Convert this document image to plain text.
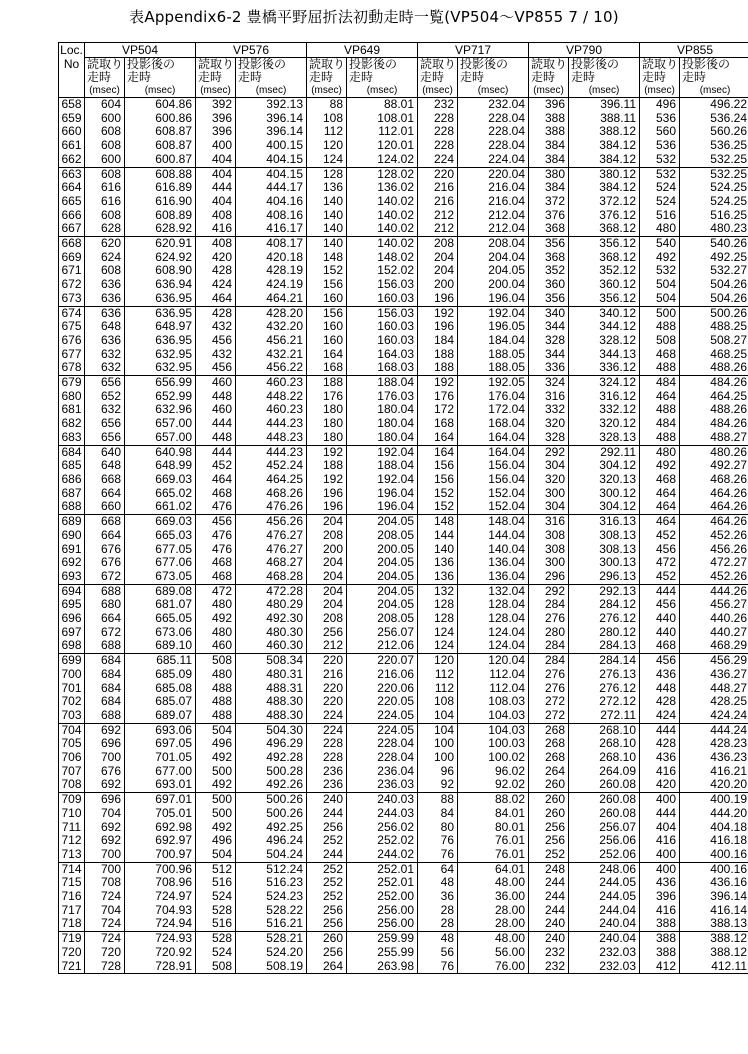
表Appendix6-2 豊橋平野屈折法初動走時一覧(VP504～VP855 7 / 10)
Loc.	VP504		VP576		VP649		VP717		VP790		VP855	
No	読取り	投影後の	読取り	投影後の	読取り	投影後の	読取り	投影後の	読取り	投影後の	読取り	投影後の
	走時	走時	走時	走時	走時	走時	走時	走時	走時	走時	走時	走時
	(msec)	(msec)	(msec)	(msec)	(msec)	(msec)	(msec)	(msec)	(msec)	(msec)	(msec)	(msec)
658	604	604.86	392	392.13	88	88.01	232	232.04	396	396.11	496	496.22
659	600	600.86	396	396.14	108	108.01	228	228.04	388	388.11	536	536.24
660	608	608.87	396	396.14	112	112.01	228	228.04	388	388.12	560	560.26
661	608	608.87	400	400.15	120	120.01	228	228.04	384	384.12	536	536.25
662	600	600.87	404	404.15	124	124.02	224	224.04	384	384.12	532	532.25
663	608	608.88	404	404.15	128	128.02	220	220.04	380	380.12	532	532.25
664	616	616.89	444	444.17	136	136.02	216	216.04	384	384.12	524	524.25
665	616	616.90	404	404.16	140	140.02	216	216.04	372	372.12	524	524.25
666	608	608.89	408	408.16	140	140.02	212	212.04	376	376.12	516	516.25
667	628	628.92	416	416.17	140	140.02	212	212.04	368	368.12	480	480.23
668	620	620.91	408	408.17	140	140.02	208	208.04	356	356.12	540	540.26
669	624	624.92	420	420.18	148	148.02	204	204.04	368	368.12	492	492.25
671	608	608.90	428	428.19	152	152.02	204	204.05	352	352.12	532	532.27
672	636	636.94	424	424.19	156	156.03	200	200.04	360	360.12	504	504.26
673	636	636.95	464	464.21	160	160.03	196	196.04	356	356.12	504	504.26
674	636	636.95	428	428.20	156	156.03	192	192.04	340	340.12	500	500.26
675	648	648.97	432	432.20	160	160.03	196	196.05	344	344.12	488	488.25
676	636	636.95	456	456.21	160	160.03	184	184.04	328	328.12	508	508.27
677	632	632.95	432	432.21	164	164.03	188	188.05	344	344.13	468	468.25
678	632	632.95	456	456.22	168	168.03	188	188.05	336	336.12	488	488.26
679	656	656.99	460	460.23	188	188.04	192	192.05	324	324.12	484	484.26
680	652	652.99	448	448.22	176	176.03	176	176.04	316	316.12	464	464.25
681	632	632.96	460	460.23	180	180.04	172	172.04	332	332.12	488	488.26
682	656	657.00	444	444.23	180	180.04	168	168.04	320	320.12	484	484.26
683	656	657.00	448	448.23	180	180.04	164	164.04	328	328.13	488	488.27
684	640	640.98	444	444.23	192	192.04	164	164.04	292	292.11	480	480.26
685	648	648.99	452	452.24	188	188.04	156	156.04	304	304.12	492	492.27
686	668	669.03	464	464.25	192	192.04	156	156.04	320	320.13	468	468.26
687	664	665.02	468	468.26	196	196.04	152	152.04	300	300.12	464	464.26
688	660	661.02	476	476.26	196	196.04	152	152.04	304	304.12	464	464.26
689	668	669.03	456	456.26	204	204.05	148	148.04	316	316.13	464	464.26
690	664	665.03	476	476.27	208	208.05	144	144.04	308	308.13	452	452.26
691	676	677.05	476	476.27	200	200.05	140	140.04	308	308.13	456	456.26
692	676	677.06	468	468.27	204	204.05	136	136.04	300	300.13	472	472.27
693	672	673.05	468	468.28	204	204.05	136	136.04	296	296.13	452	452.26
694	688	689.08	472	472.28	204	204.05	132	132.04	292	292.13	444	444.26
695	680	681.07	480	480.29	204	204.05	128	128.04	284	284.12	456	456.27
696	664	665.05	492	492.30	208	208.05	128	128.04	276	276.12	440	440.26
697	672	673.06	480	480.30	256	256.07	124	124.04	280	280.12	440	440.27
698	688	689.10	460	460.30	212	212.06	124	124.04	284	284.13	468	468.29
699	684	685.11	508	508.34	220	220.07	120	120.04	284	284.14	456	456.29
700	684	685.09	480	480.31	216	216.06	112	112.04	276	276.13	436	436.27
701	684	685.08	488	488.31	220	220.06	112	112.04	276	276.12	448	448.27
702	684	685.07	488	488.30	220	220.05	108	108.03	272	272.12	428	428.25
703	688	689.07	488	488.30	224	224.05	104	104.03	272	272.11	424	424.24
704	692	693.06	504	504.30	224	224.05	104	104.03	268	268.10	444	444.24
705	696	697.05	496	496.29	228	228.04	100	100.03	268	268.10	428	428.23
706	700	701.05	492	492.28	228	228.04	100	100.02	268	268.10	436	436.23
707	676	677.00	500	500.28	236	236.04	96	96.02	264	264.09	416	416.21
708	692	693.01	492	492.26	236	236.03	92	92.02	260	260.08	420	420.20
709	696	697.01	500	500.26	240	240.03	88	88.02	260	260.08	400	400.19
710	704	705.01	500	500.26	244	244.03	84	84.01	260	260.08	444	444.20
711	692	692.98	492	492.25	256	256.02	80	80.01	256	256.07	404	404.18
712	692	692.97	496	496.24	252	252.02	76	76.01	256	256.06	416	416.18
713	700	700.97	504	504.24	244	244.02	76	76.01	252	252.06	400	400.16
714	700	700.96	512	512.24	252	252.01	64	64.01	248	248.06	400	400.16
715	708	708.96	516	516.23	252	252.01	48	48.00	244	244.05	436	436.16
716	724	724.97	524	524.23	252	252.00	36	36.00	244	244.05	396	396.14
717	704	704.93	528	528.22	256	256.00	28	28.00	244	244.04	416	416.14
718	724	724.94	516	516.21	256	256.00	28	28.00	240	240.04	388	388.13
719	724	724.93	528	528.21	260	259.99	48	48.00	240	240.04	388	388.12
720	720	720.92	524	524.20	256	255.99	56	56.00	232	232.03	388	388.12
721	728	728.91	508	508.19	264	263.98	76	76.00	232	232.03	412	412.11
